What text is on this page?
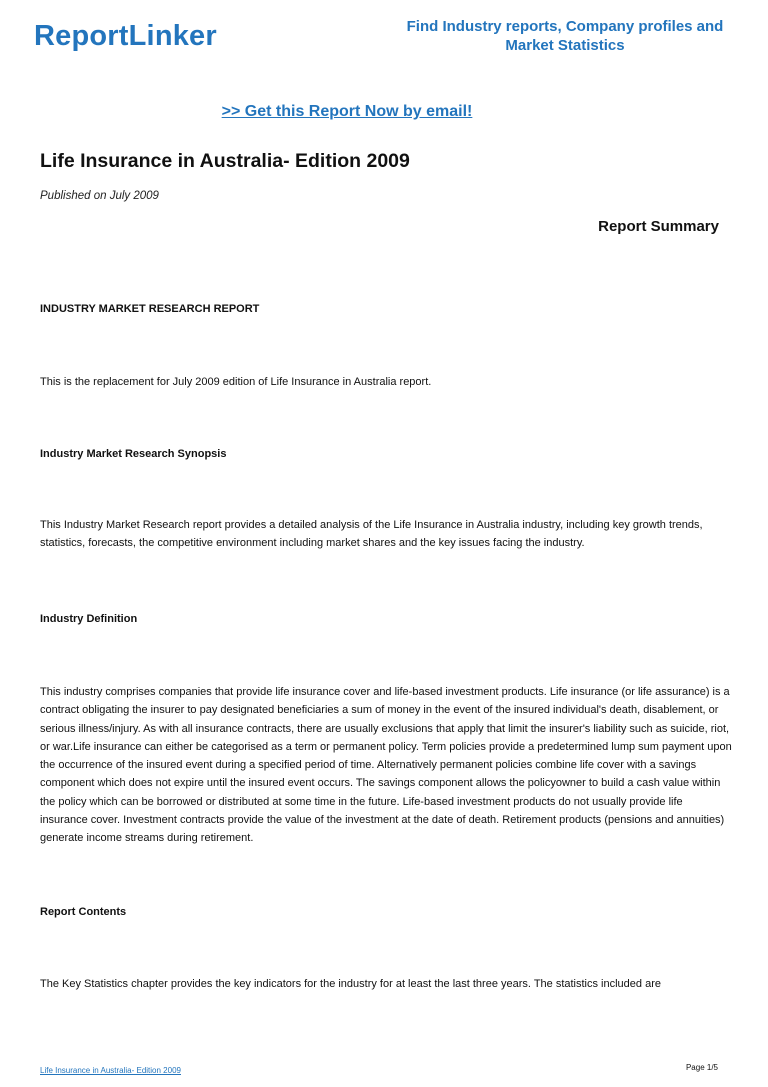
ReportLinker	Find Industry reports, Company profiles and Market Statistics
>> Get this Report Now by email!
Life Insurance in Australia- Edition 2009
Published on July 2009
Report Summary
INDUSTRY MARKET RESEARCH REPORT
This is the replacement for July 2009 edition of Life Insurance in Australia report.
Industry Market Research Synopsis
This Industry Market Research report provides a detailed analysis of the Life Insurance in Australia industry, including key growth trends, statistics, forecasts, the competitive environment including market shares and the key issues facing the industry.
Industry Definition
This industry comprises companies that provide life insurance cover and life-based investment products. Life insurance (or life assurance) is a contract obligating the insurer to pay designated beneficiaries a sum of money in the event of the insured individual's death, disablement, or serious illness/injury. As with all insurance contracts, there are usually exclusions that apply that limit the insurer's liability such as suicide, riot, or war.Life insurance can either be categorised as a term or permanent policy. Term policies provide a predetermined lump sum payment upon the occurrence of the insured event during a specified period of time. Alternatively permanent policies combine life cover with a savings component which does not expire until the insured event occurs. The savings component allows the policyowner to build a cash value within the policy which can be borrowed or distributed at some time in the future. Life-based investment products do not usually provide life insurance cover. Investment contracts provide the value of the investment at the date of death. Retirement products (pensions and annuities) generate income streams during retirement.
Report Contents
The Key Statistics chapter provides the key indicators for the industry for at least the last three years. The statistics included are
Life Insurance in Australia- Edition 2009	Page 1/5
